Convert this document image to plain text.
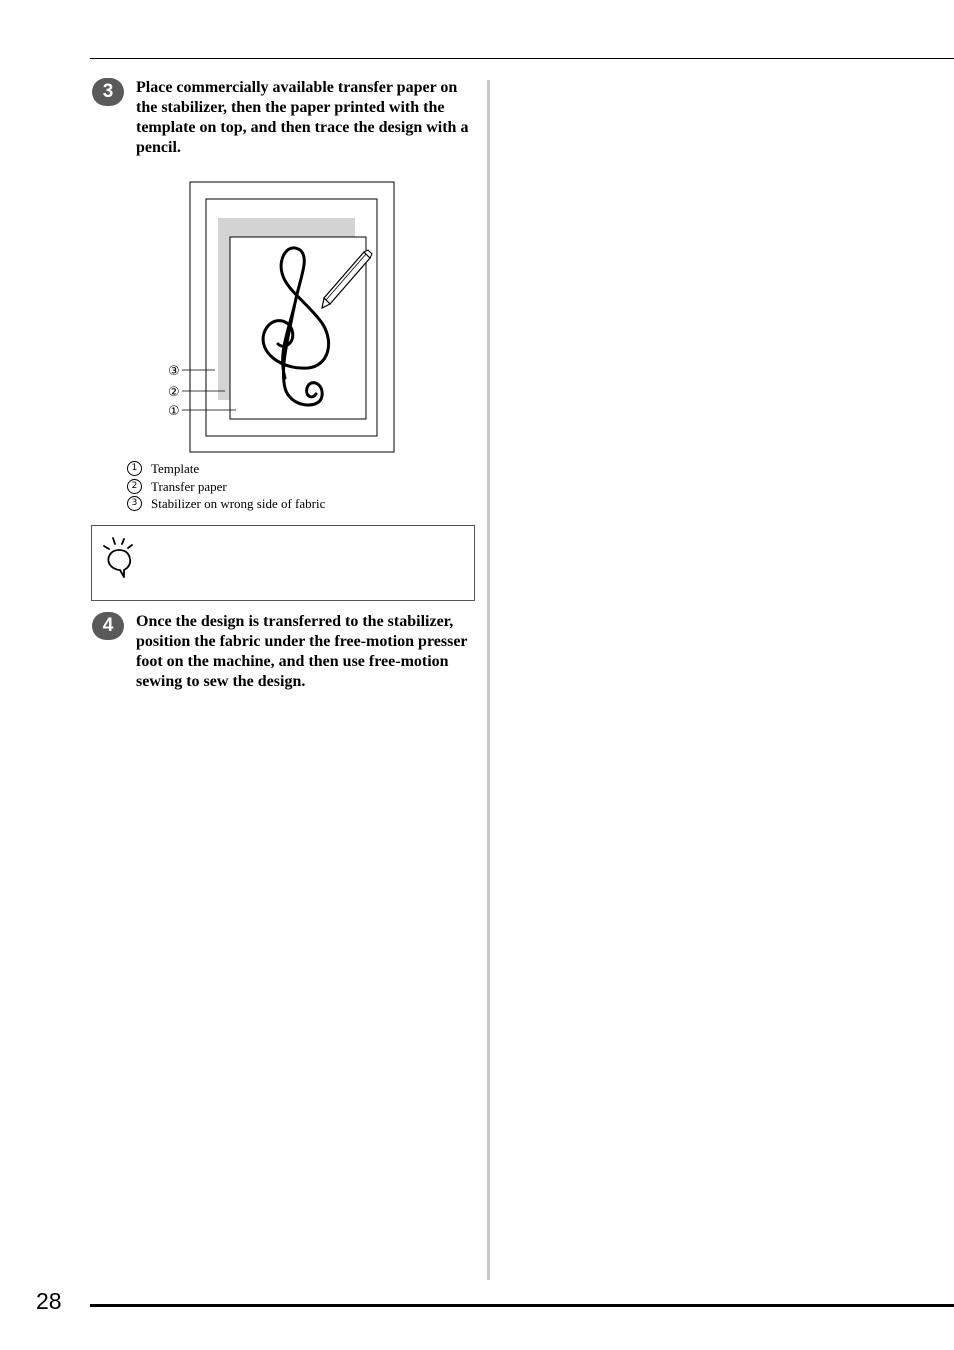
3	Place commercially available transfer paper on the stabilizer, then the paper printed with the template on top, and then trace the design with a pencil.
③
②
①
1	Template
2	Transfer paper
3	Stabilizer on wrong side of fabric
4	Once the design is transferred to the stabilizer, position the fabric under the free-motion presser foot on the machine, and then use free-motion sewing to sew the design.
28
